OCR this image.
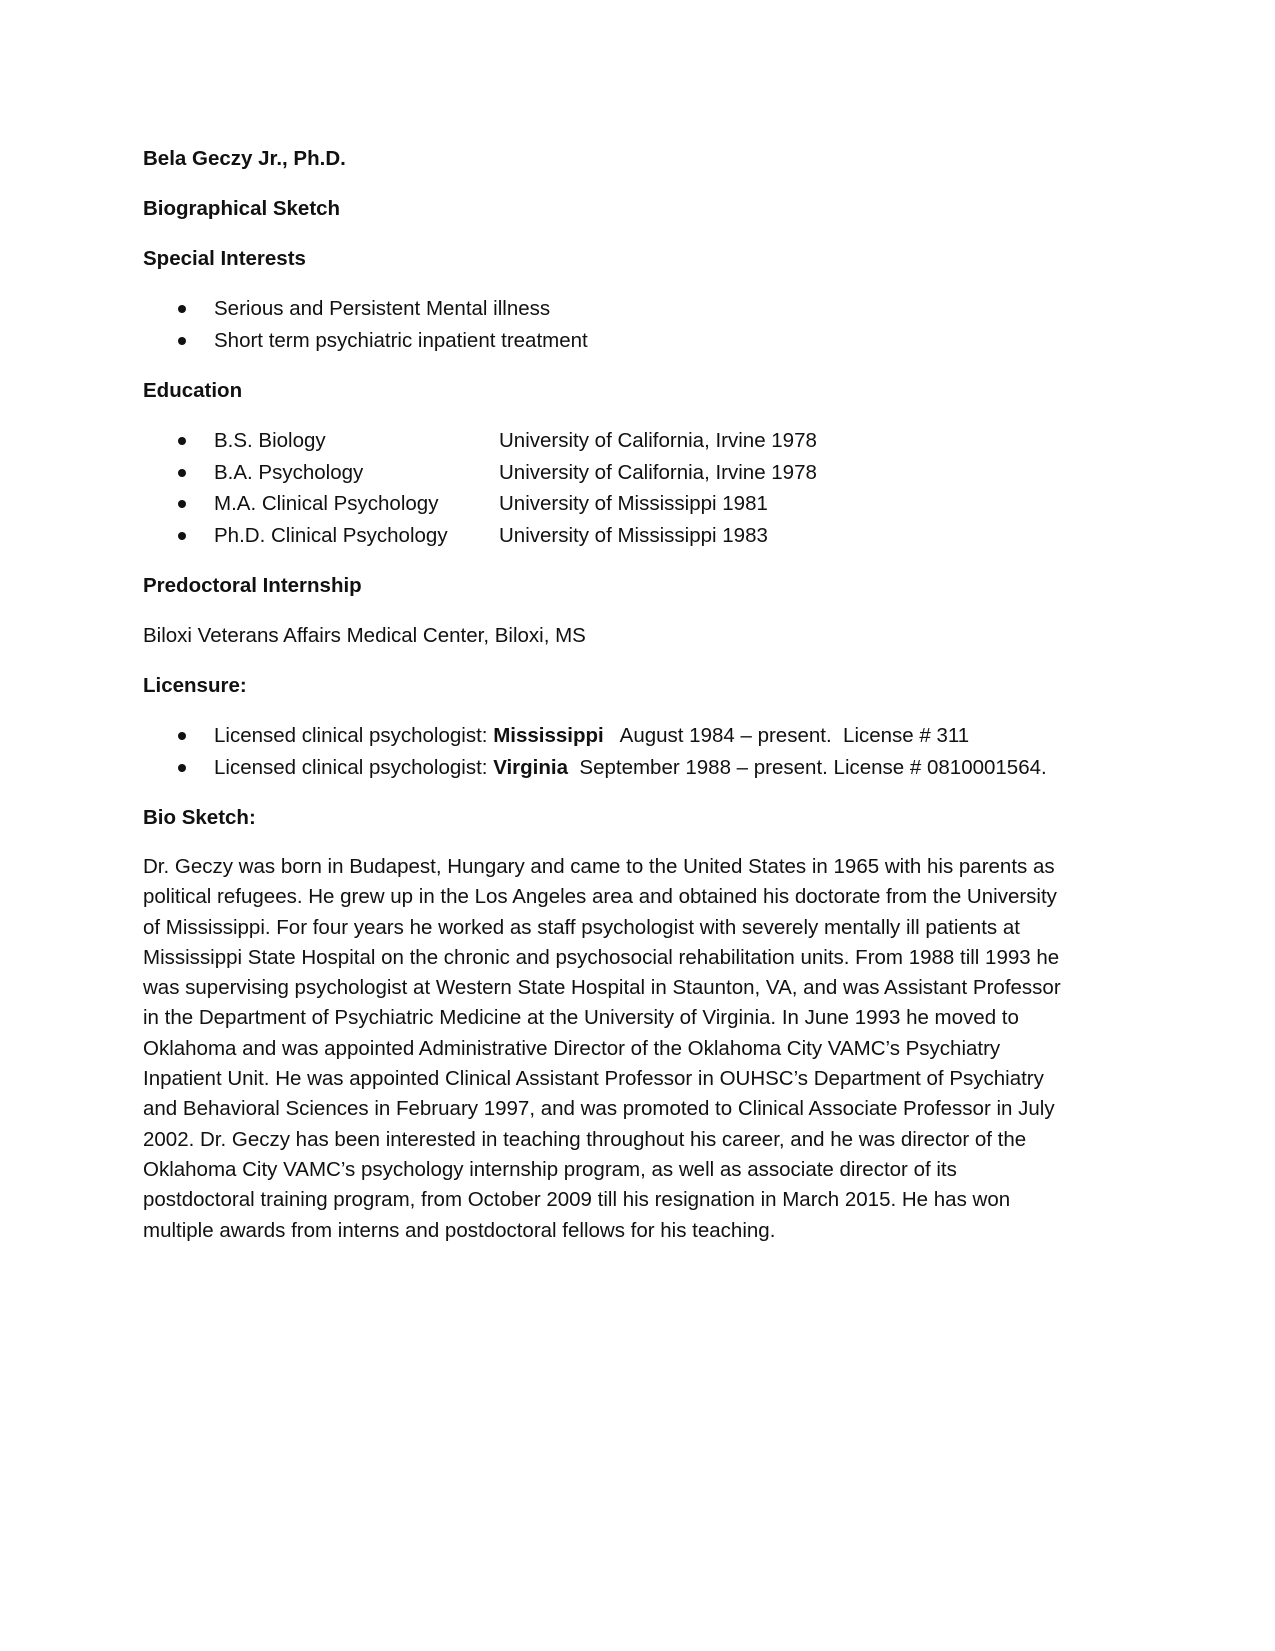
Bela Geczy Jr., Ph.D.
Biographical Sketch
Special Interests
Serious and Persistent Mental illness
Short term psychiatric inpatient treatment
Education
B.S. Biology	University of California, Irvine 1978
B.A. Psychology	University of California, Irvine 1978
M.A. Clinical Psychology	University of Mississippi 1981
Ph.D. Clinical Psychology	University of Mississippi 1983
Predoctoral Internship
Biloxi Veterans Affairs Medical Center, Biloxi, MS
Licensure:
Licensed clinical psychologist: Mississippi   August 1984 – present.  License # 311
Licensed clinical psychologist: Virginia  September 1988 – present. License # 0810001564.
Bio Sketch:

Dr. Geczy was born in Budapest, Hungary and came to the United States in 1965 with his parents as political refugees. He grew up in the Los Angeles area and obtained his doctorate from the University of Mississippi. For four years he worked as staff psychologist with severely mentally ill patients at Mississippi State Hospital on the chronic and psychosocial rehabilitation units. From 1988 till 1993 he was supervising psychologist at Western State Hospital in Staunton, VA, and was Assistant Professor in the Department of Psychiatric Medicine at the University of Virginia. In June 1993 he moved to Oklahoma and was appointed Administrative Director of the Oklahoma City VAMC’s Psychiatry Inpatient Unit. He was appointed Clinical Assistant Professor in OUHSC’s Department of Psychiatry and Behavioral Sciences in February 1997, and was promoted to Clinical Associate Professor in July 2002. Dr. Geczy has been interested in teaching throughout his career, and he was director of the Oklahoma City VAMC’s psychology internship program, as well as associate director of its postdoctoral training program, from October 2009 till his resignation in March 2015. He has won multiple awards from interns and postdoctoral fellows for his teaching.
